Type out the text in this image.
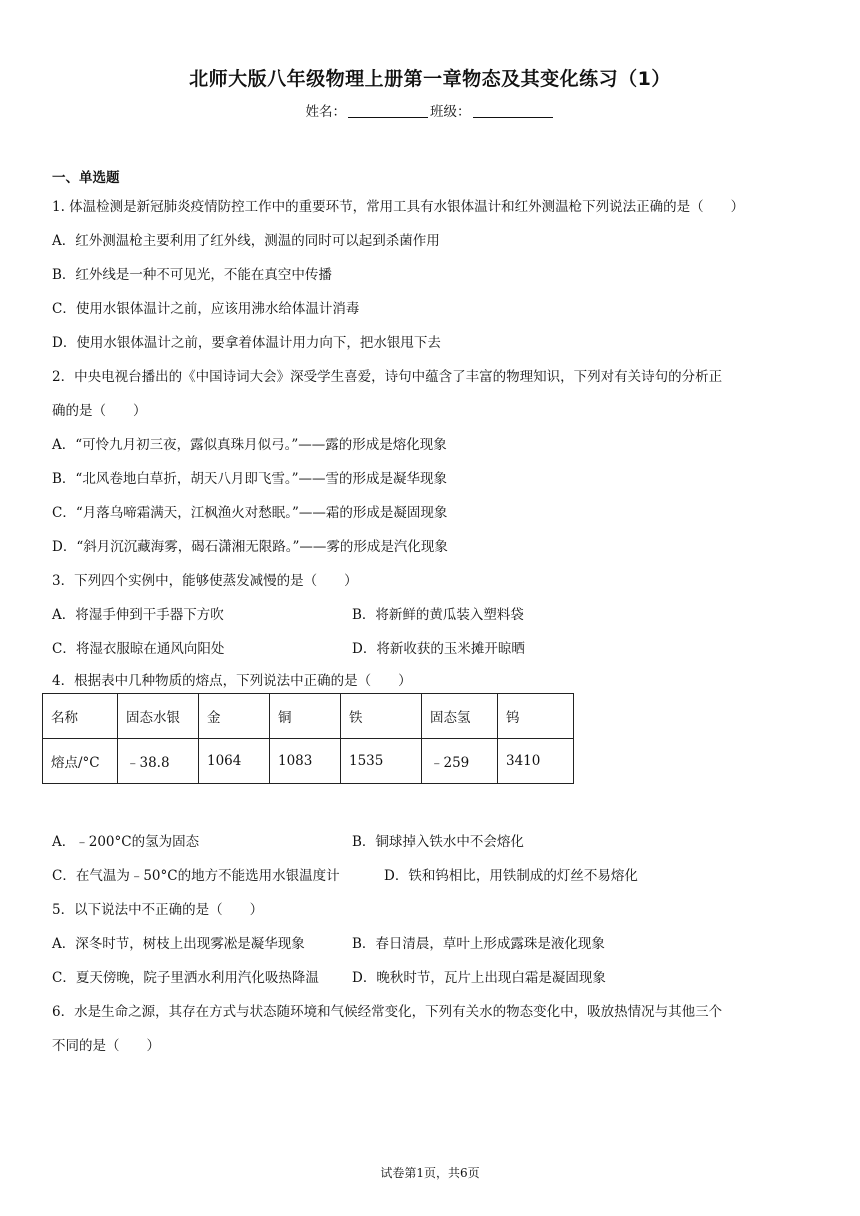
北师大版八年级物理上册第一章物态及其变化练习（1）
姓名：	班级：
一、单选题
1. 体温检测是新冠肺炎疫情防控工作中的重要环节，常用工具有水银体温计和红外测温枪下列说法正确的是（　　）
A．红外测温枪主要利用了红外线，测温的同时可以起到杀菌作用
B．红外线是一种不可见光，不能在真空中传播
C．使用水银体温计之前，应该用沸水给体温计消毒
D．使用水银体温计之前，要拿着体温计用力向下，把水银甩下去
2．中央电视台播出的《中国诗词大会》深受学生喜爱，诗句中蕴含了丰富的物理知识，下列对有关诗句的分析正
确的是（　　）
A．“可怜九月初三夜，露似真珠月似弓。”——露的形成是熔化现象
B．“北风卷地白草折，胡天八月即飞雪。”——雪的形成是凝华现象
C．“月落乌啼霜满天，江枫渔火对愁眠。”——霜的形成是凝固现象
D．“斜月沉沉藏海雾，碣石潇湘无限路。”——雾的形成是汽化现象
3．下列四个实例中，能够使蒸发减慢的是（　　）
A．将湿手伸到干手器下方吹	B．将新鲜的黄瓜装入塑料袋
C．将湿衣服晾在通风向阳处	D．将新收获的玉米摊开晾晒
4．根据表中几种物质的熔点，下列说法中正确的是（　　）
名称	固态水银	金	铜	铁	固态氢	钨
熔点/°C	﹣38.8	1064	1083	1535	﹣259	3410
A．﹣200°C的氢为固态	B．铜球掉入铁水中不会熔化
C．在气温为﹣50°C的地方不能选用水银温度计	D．铁和钨相比，用铁制成的灯丝不易熔化
5．以下说法中不正确的是（　　）
A．深冬时节，树枝上出现雾凇是凝华现象	B．春日清晨，草叶上形成露珠是液化现象
C．夏天傍晚，院子里洒水利用汽化吸热降温 D．晚秋时节，瓦片上出现白霜是凝固现象
6．水是生命之源，其存在方式与状态随环境和气候经常变化，下列有关水的物态变化中，吸放热情况与其他三个
不同的是（　　）
试卷第1页，共6页
